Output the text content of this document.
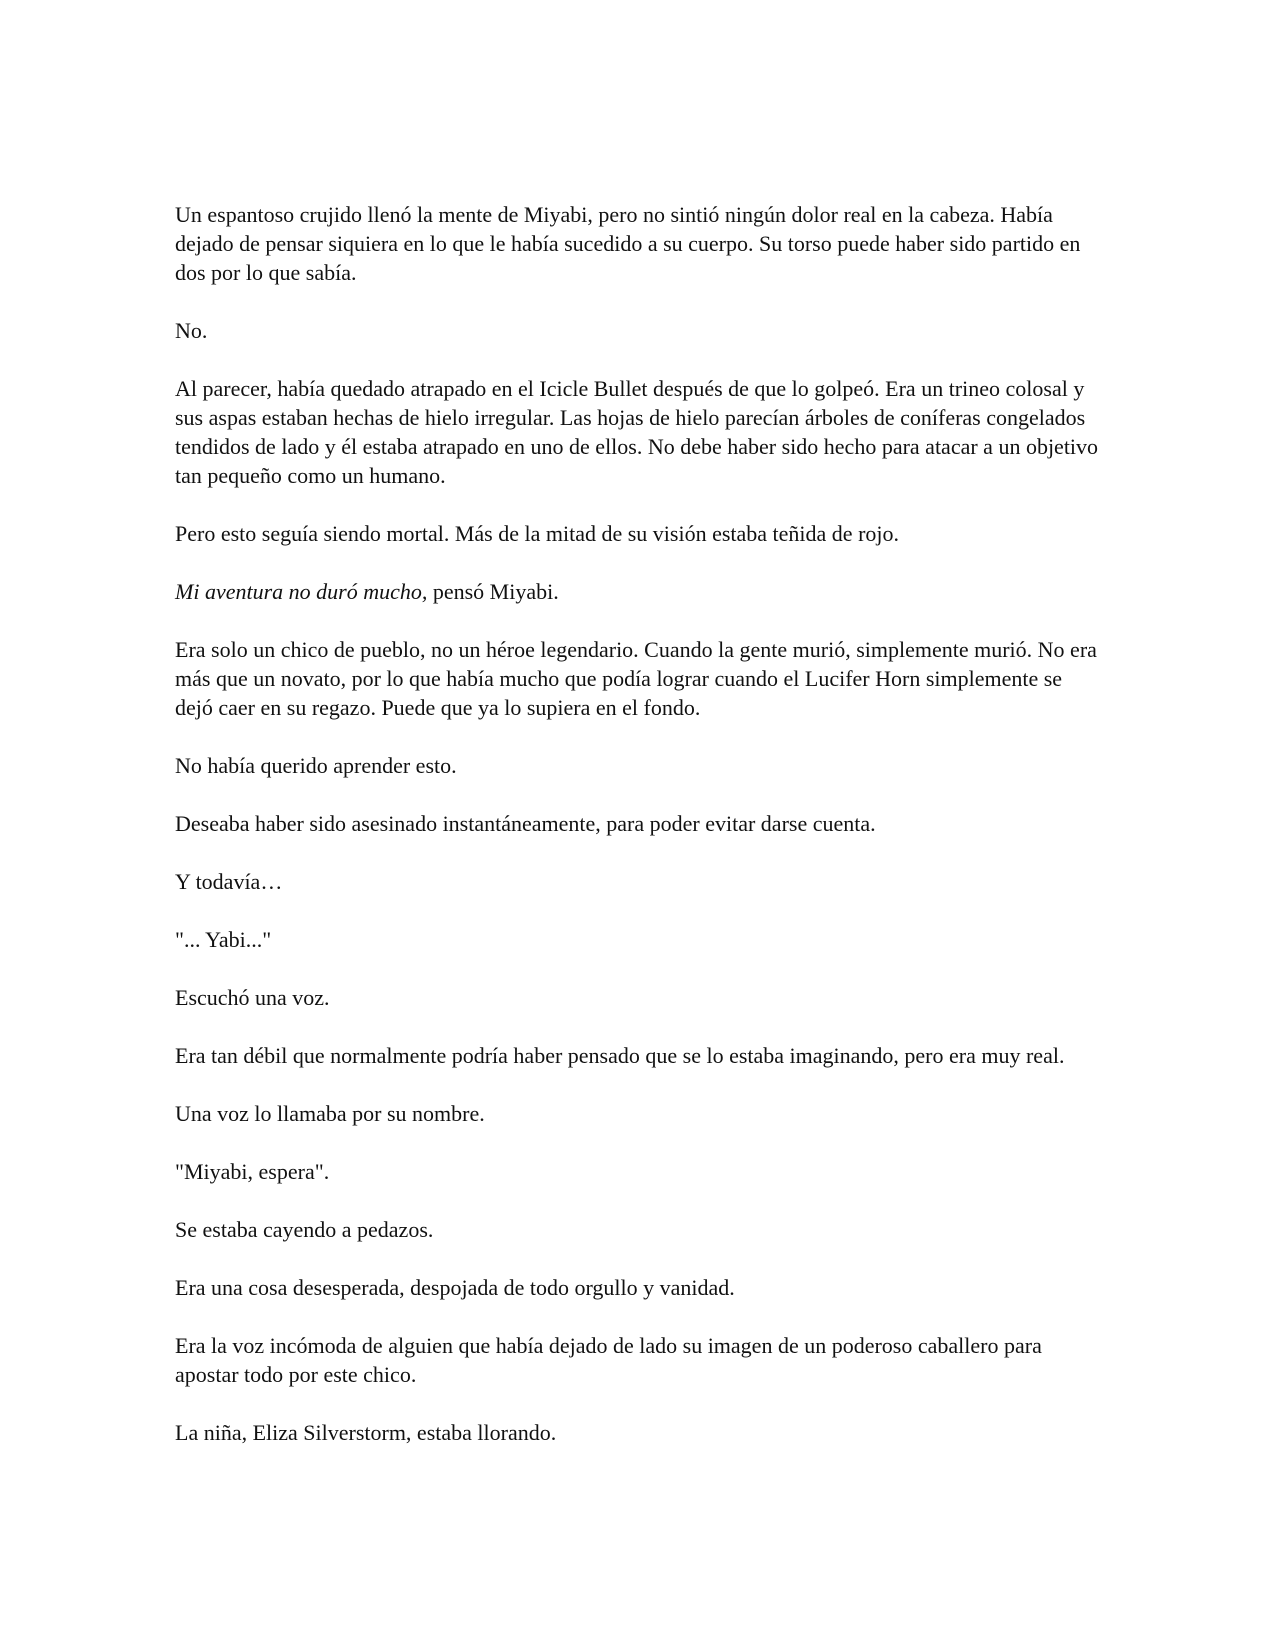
Un espantoso crujido llenó la mente de Miyabi, pero no sintió ningún dolor real en la cabeza. Había dejado de pensar siquiera en lo que le había sucedido a su cuerpo. Su torso puede haber sido partido en dos por lo que sabía.

No.

Al parecer, había quedado atrapado en el Icicle Bullet después de que lo golpeó. Era un trineo colosal y sus aspas estaban hechas de hielo irregular. Las hojas de hielo parecían árboles de coníferas congelados tendidos de lado y él estaba atrapado en uno de ellos. No debe haber sido hecho para atacar a un objetivo tan pequeño como un humano.

Pero esto seguía siendo mortal. Más de la mitad de su visión estaba teñida de rojo.

Mi aventura no duró mucho, pensó Miyabi.

Era solo un chico de pueblo, no un héroe legendario. Cuando la gente murió, simplemente murió. No era más que un novato, por lo que había mucho que podía lograr cuando el Lucifer Horn simplemente se dejó caer en su regazo. Puede que ya lo supiera en el fondo.

No había querido aprender esto.

Deseaba haber sido asesinado instantáneamente, para poder evitar darse cuenta.

Y todavía…

"... Yabi..."

Escuchó una voz.

Era tan débil que normalmente podría haber pensado que se lo estaba imaginando, pero era muy real.

Una voz lo llamaba por su nombre.

"Miyabi, espera".

Se estaba cayendo a pedazos.

Era una cosa desesperada, despojada de todo orgullo y vanidad.

Era la voz incómoda de alguien que había dejado de lado su imagen de un poderoso caballero para apostar todo por este chico.

La niña, Eliza Silverstorm, estaba llorando.
